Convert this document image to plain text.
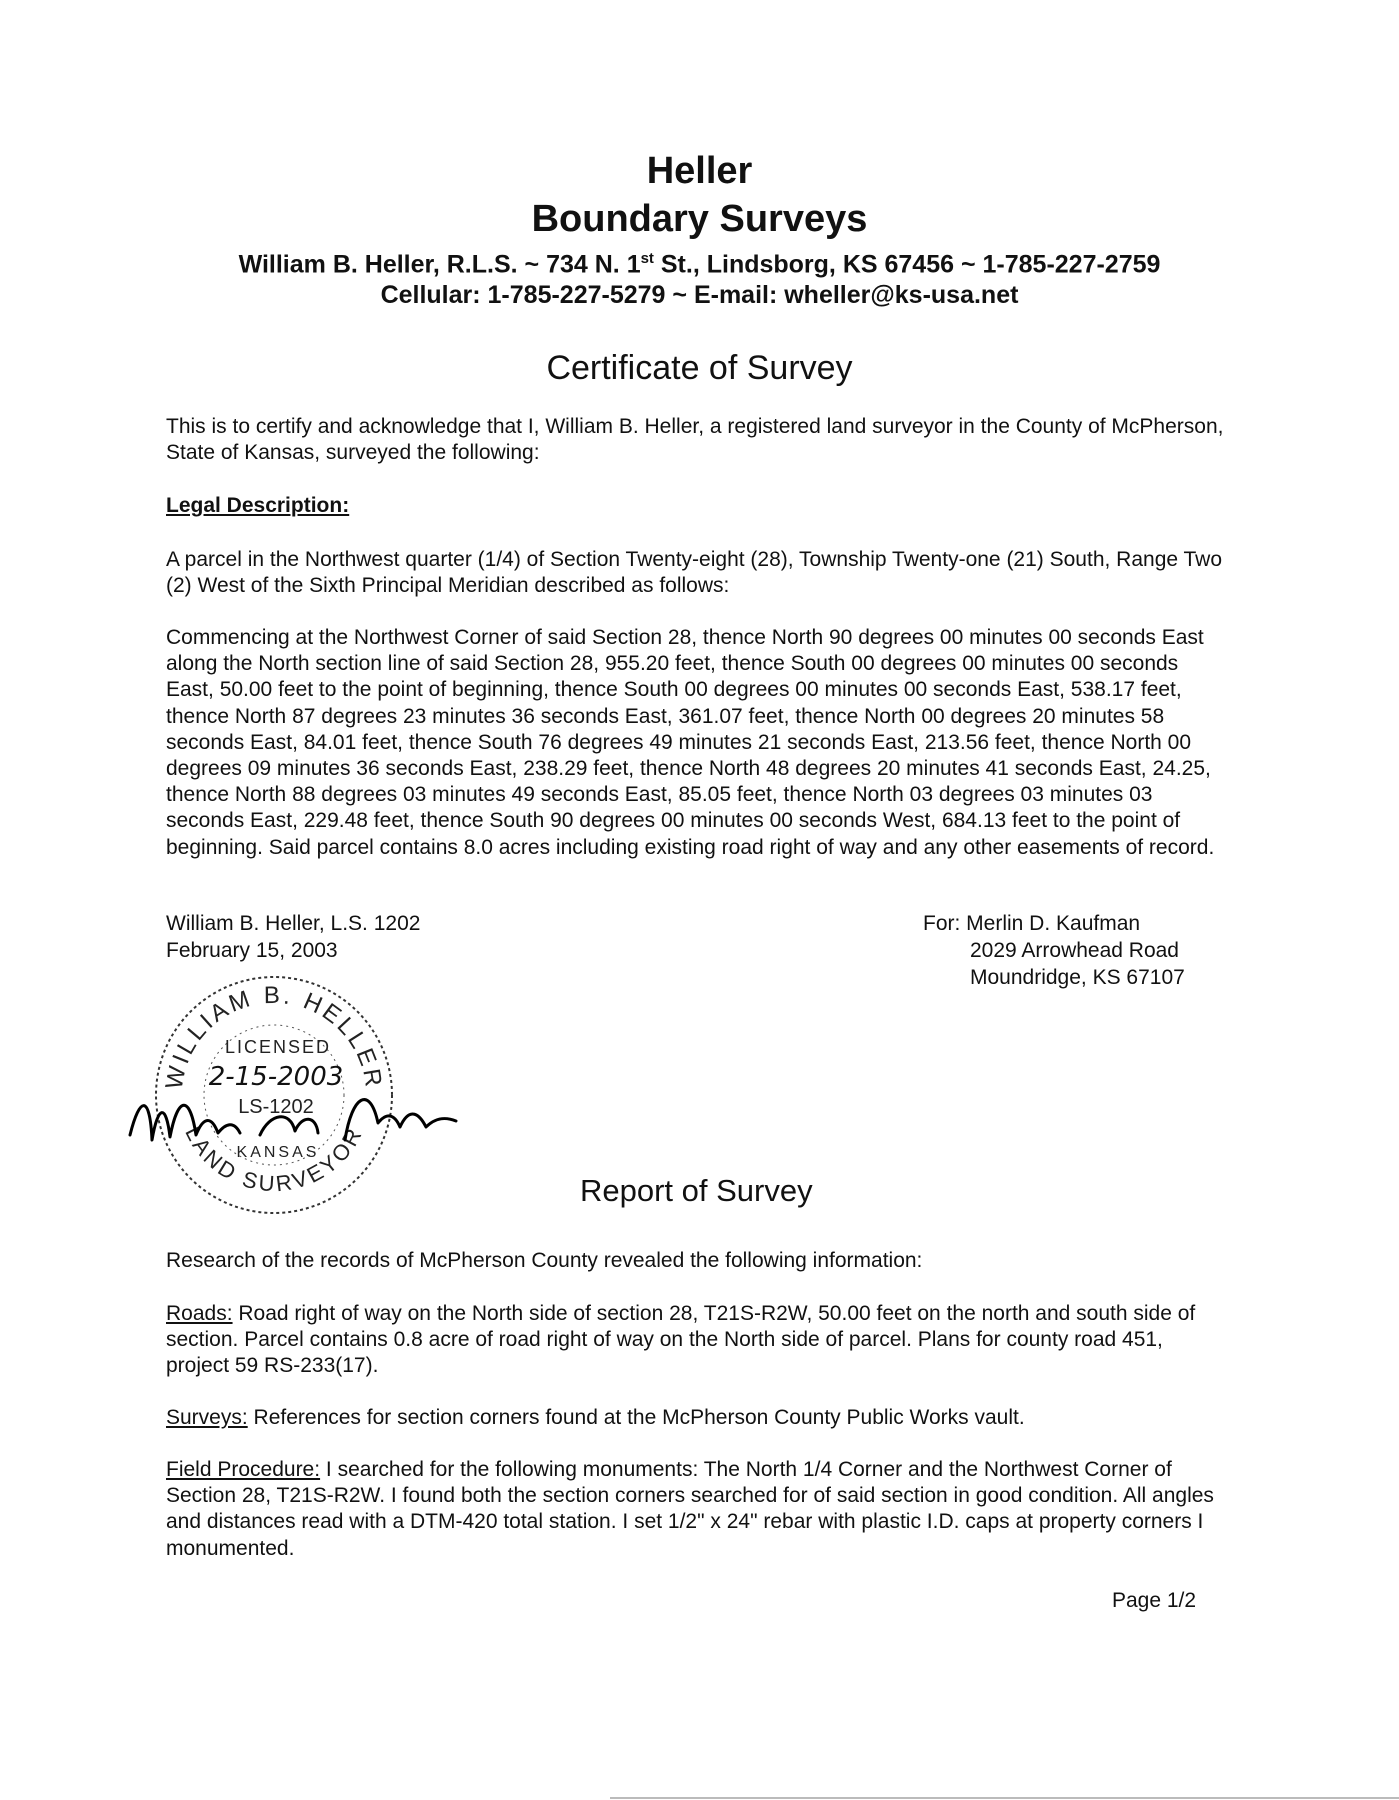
Heller
Boundary Surveys
William B. Heller, R.L.S. ~ 734 N. 1st St., Lindsborg, KS 67456 ~ 1-785-227-2759
Cellular: 1-785-227-5279 ~ E-mail: wheller@ks-usa.net
Certificate of Survey

This is to certify and acknowledge that I, William B. Heller, a registered land surveyor in the County of McPherson, State of Kansas, surveyed the following:

Legal Description:

A parcel in the Northwest quarter (1/4) of Section Twenty-eight (28), Township Twenty-one (21) South, Range Two (2) West of the Sixth Principal Meridian described as follows:

Commencing at the Northwest Corner of said Section 28, thence North 90 degrees 00 minutes 00 seconds East along the North section line of said Section 28, 955.20 feet, thence South 00 degrees 00 minutes 00 seconds East, 50.00 feet to the point of beginning, thence South 00 degrees 00 minutes 00 seconds East, 538.17 feet, thence North 87 degrees 23 minutes 36 seconds East, 361.07 feet, thence North 00 degrees 20 minutes 58 seconds East, 84.01 feet, thence South 76 degrees 49 minutes 21 seconds East, 213.56 feet, thence North 00 degrees 09 minutes 36 seconds East, 238.29 feet, thence North 48 degrees 20 minutes 41 seconds East, 24.25, thence North 88 degrees 03 minutes 49 seconds East, 85.05 feet, thence North 03 degrees 03 minutes 03 seconds East, 229.48 feet, thence South 90 degrees 00 minutes 00 seconds West, 684.13 feet to the point of beginning. Said parcel contains 8.0 acres including existing road right of way and any other easements of record.

William B. Heller, L.S. 1202
February 15, 2003
For: Merlin D. Kaufman
2029 Arrowhead Road
Moundridge, KS 67107
WILLIAM B. HELLER
LAND SURVEYOR
LICENSED
2-15-2003
LS-1202
KANSAS
Report of Survey

Research of the records of McPherson County revealed the following information:

Roads: Road right of way on the North side of section 28, T21S-R2W, 50.00 feet on the north and south side of section. Parcel contains 0.8 acre of road right of way on the North side of parcel. Plans for county road 451, project 59 RS-233(17).

Surveys: References for section corners found at the McPherson County Public Works vault.

Field Procedure: I searched for the following monuments: The North 1/4 Corner and the Northwest Corner of Section 28, T21S-R2W. I found both the section corners searched for of said section in good condition. All angles and distances read with a DTM-420 total station. I set 1/2" x 24" rebar with plastic I.D. caps at property corners I monumented.

Page 1/2
